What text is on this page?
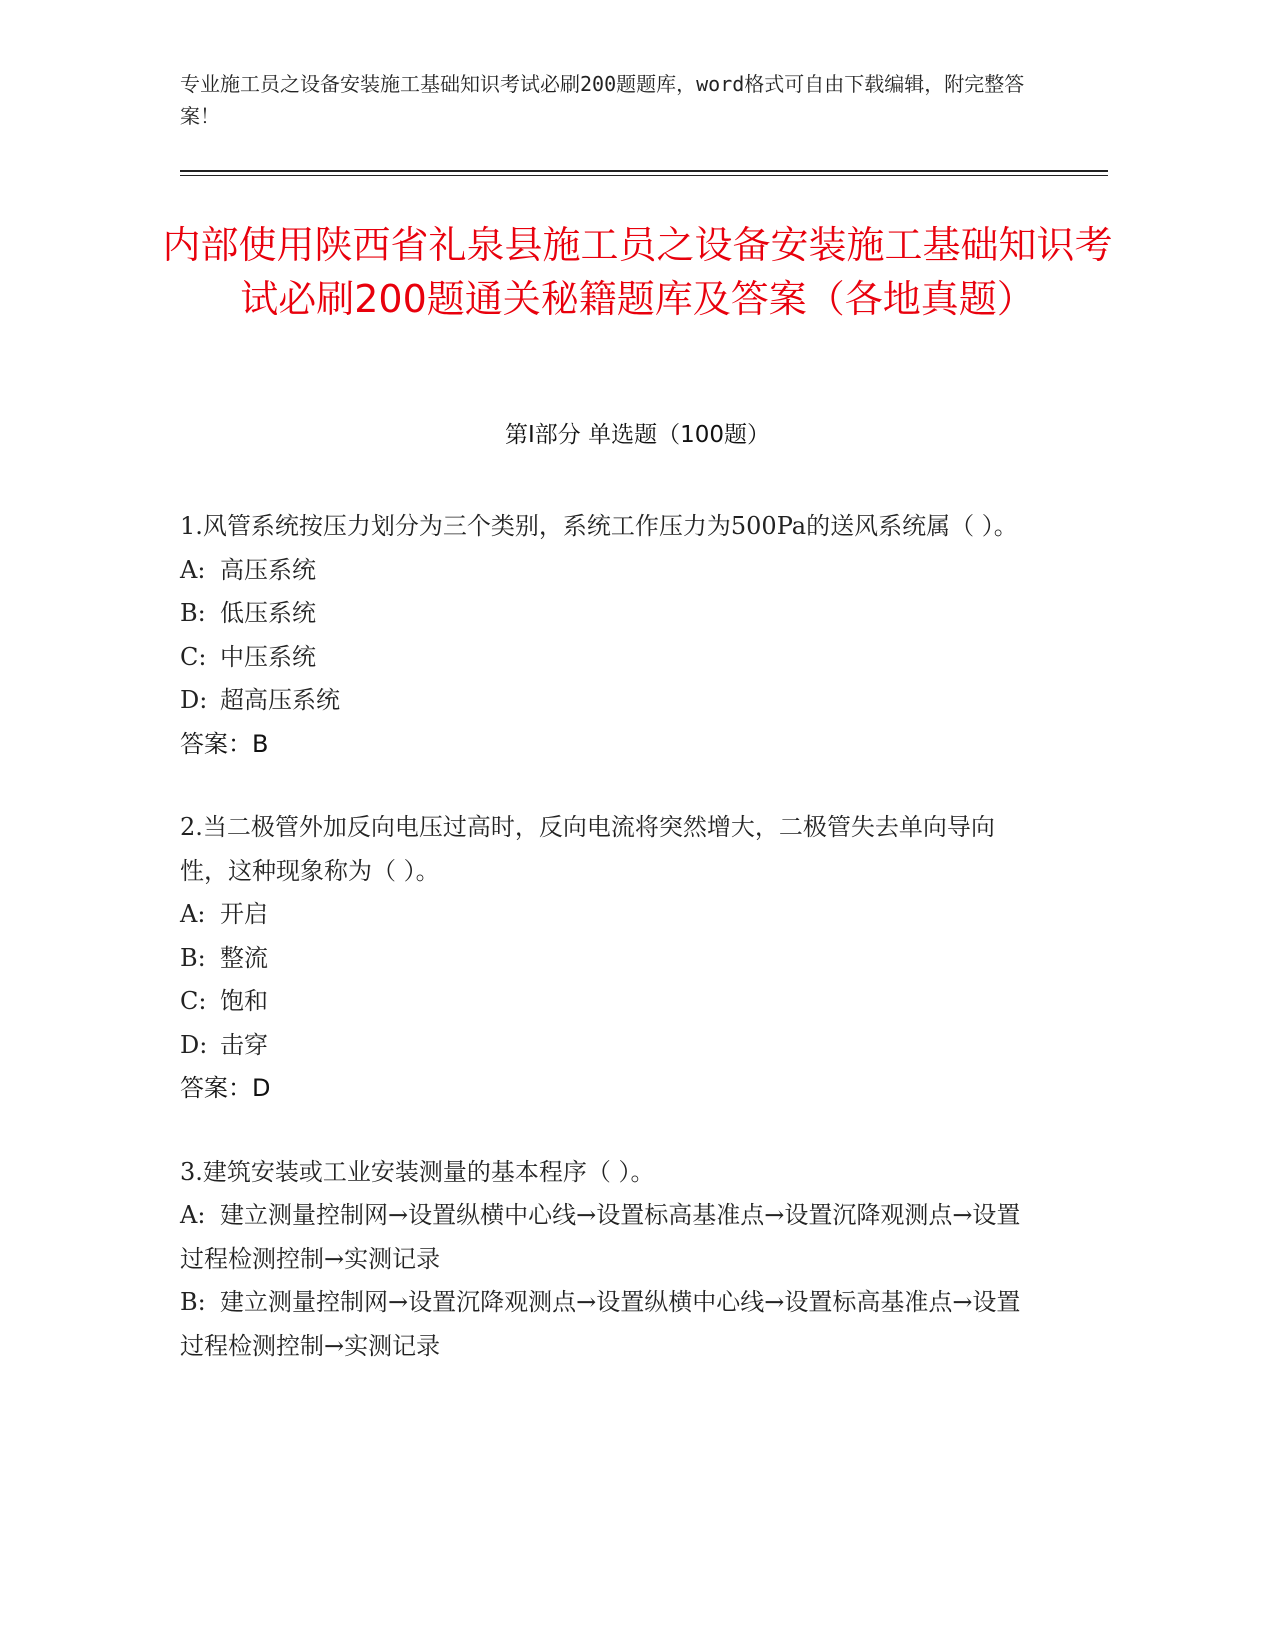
专业施工员之设备安装施工基础知识考试必刷200题题库，word格式可自由下载编辑，附完整答案！
内部使用陕西省礼泉县施工员之设备安装施工基础知识考试必刷200题通关秘籍题库及答案（各地真题）
第Ⅰ部分 单选题（100题）
1.风管系统按压力划分为三个类别，系统工作压力为500Pa的送风系统属（ ）。
A: 高压系统
B: 低压系统
C: 中压系统
D: 超高压系统
答案：B
2.当二极管外加反向电压过高时，反向电流将突然增大，二极管失去单向导向性，这种现象称为（ ）。
A: 开启
B: 整流
C: 饱和
D: 击穿
答案：D
3.建筑安装或工业安装测量的基本程序（ ）。
A: 建立测量控制网→设置纵横中心线→设置标高基准点→设置沉降观测点→设置过程检测控制→实测记录
B: 建立测量控制网→设置沉降观测点→设置纵横中心线→设置标高基准点→设置过程检测控制→实测记录
